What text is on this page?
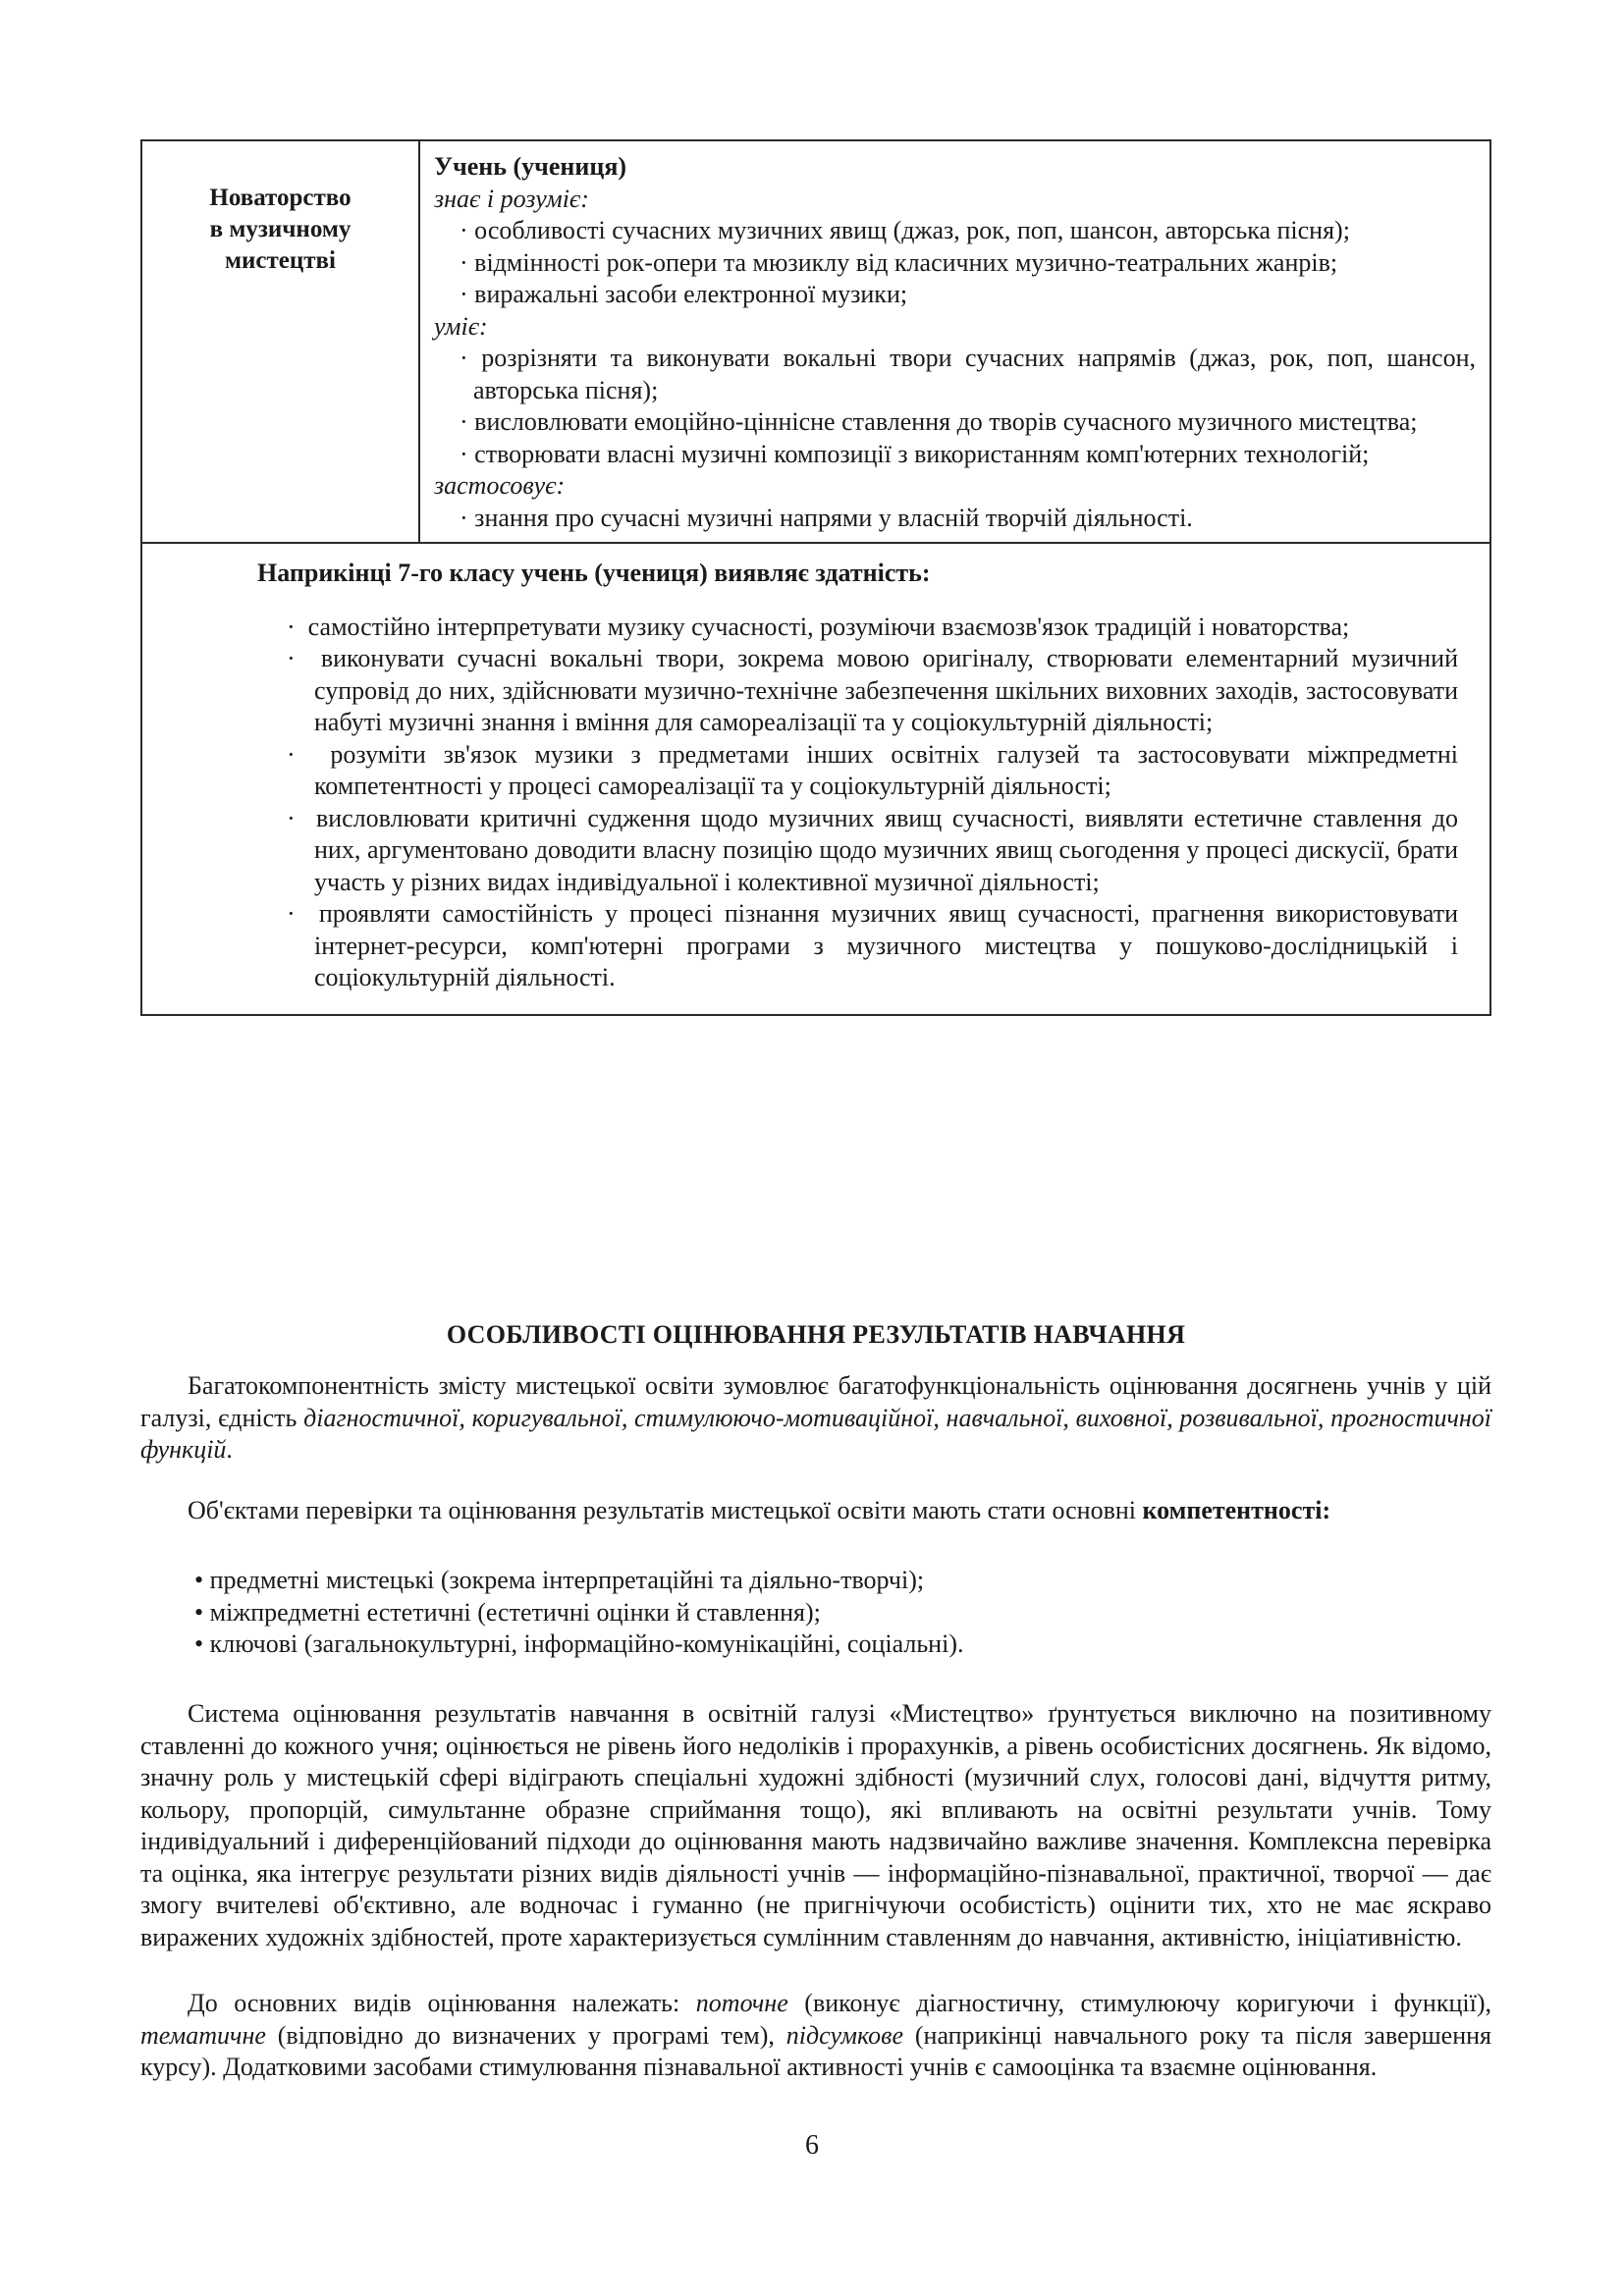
Новаторство
в музичному
мистецтві
Учень (учениця)
знає і розуміє:
· особливості сучасних музичних явищ (джаз, рок, поп, шансон, авторська пісня);
· відмінності рок-опери та мюзиклу від класичних музично-театральних жанрів;
· виражальні засоби електронної музики;
уміє:
· розрізняти та виконувати вокальні твори сучасних напрямів (джаз, рок, поп, шансон, авторська пісня);
· висловлювати емоційно-ціннісне ставлення до творів сучасного музичного мистецтва;
· створювати власні музичні композиції з використанням комп'ютерних технологій;
застосовує:
· знання про сучасні музичні напрями у власній творчій діяльності.
Наприкінці 7-го класу учень (учениця) виявляє здатність:
·  самостійно інтерпретувати музику сучасності, розуміючи взаємозв'язок традицій і новаторства;
·  виконувати сучасні вокальні твори, зокрема мовою оригіналу, створювати елементарний музичний супровід до них, здійснювати музично-технічне забезпечення шкільних виховних заходів, застосовувати набуті музичні знання і вміння для самореалізації та у соціокультурній діяльності;
·  розуміти зв'язок музики з предметами інших освітніх галузей та застосовувати міжпредметні компетентності у процесі самореалізації та у соціокультурній діяльності;
·  висловлювати критичні судження щодо музичних явищ сучасності, виявляти естетичне ставлення до них, аргументовано доводити власну позицію щодо музичних явищ сьогодення у процесі дискусії, брати участь у різних видах індивідуальної і колективної музичної діяльності;
·  проявляти самостійність у процесі пізнання музичних явищ сучасності, прагнення використовувати інтернет-ресурси, комп'ютерні програми з музичного мистецтва у пошуково-дослідницькій і соціокультурній діяльності.
ОСОБЛИВОСТІ ОЦІНЮВАННЯ РЕЗУЛЬТАТІВ НАВЧАННЯ
Багатокомпонентність змісту мистецької освіти зумовлює багатофункціональність оцінювання досягнень учнів у цій галузі, єдність діагностичної, коригувальної, стимулюючо-мотиваційної, навчальної, виховної, розвивальної, прогностичної функцій.
Об'єктами перевірки та оцінювання результатів мистецької освіти мають стати основні компетентності:
• предметні мистецькі (зокрема інтерпретаційні та діяльно-творчі);
• міжпредметні естетичні (естетичні оцінки й ставлення);
• ключові (загальнокультурні, інформаційно-комунікаційні, соціальні).
Система оцінювання результатів навчання в освітній галузі «Мистецтво» ґрунтується виключно на позитивному ставленні до кожного учня; оцінюється не рівень його недоліків і прорахунків, а рівень особистісних досягнень. Як відомо, значну роль у мистецькій сфері відіграють спеціальні художні здібності (музичний слух, голосові дані, відчуття ритму, кольору, пропорцій, симультанне образне сприймання тощо), які впливають на освітні результати учнів. Тому індивідуальний і диференційований підходи до оцінювання мають надзвичайно важливе значення. Комплексна перевірка та оцінка, яка інтегрує результати різних видів діяльності учнів — інформаційно-пізнавальної, практичної, творчої — дає змогу вчителеві об'єктивно, але водночас і гуманно (не пригнічуючи особистість) оцінити тих, хто не має яскраво виражених художніх здібностей, проте характеризується сумлінним ставленням до навчання, активністю, ініціативністю.
До основних видів оцінювання належать: поточне (виконує діагностичну, стимулюючу коригуючи і функції), тематичне (відповідно до визначених у програмі тем), підсумкове (наприкінці навчального року та після завершення курсу). Додатковими засобами стимулювання пізнавальної активності учнів є самооцінка та взаємне оцінювання.
6
